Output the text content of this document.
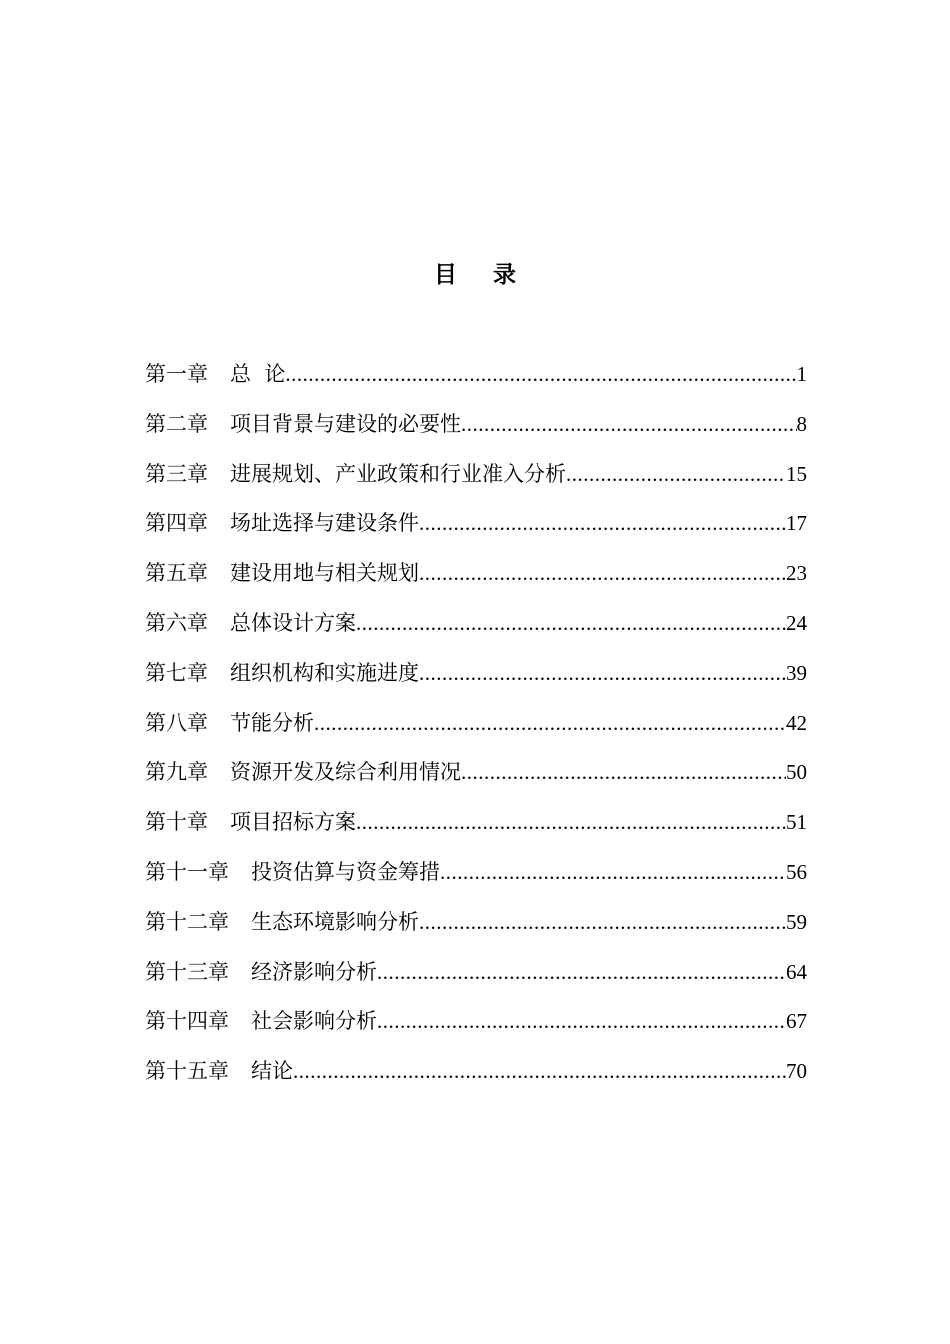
目 录
第一章 总  论 .....	1
第二章 项目背景与建设的必要性 .....	8
第三章 进展规划、产业政策和行业准入分析 .....	15
第四章 场址选择与建设条件 .....	17
第五章 建设用地与相关规划 .....	23
第六章 总体设计方案 .....	24
第七章 组织机构和实施进度 .....	39
第八章 节能分析 .....	42
第九章 资源开发及综合利用情况 .....	50
第十章 项目招标方案 .....	51
第十一章 投资估算与资金筹措 .....	56
第十二章 生态环境影响分析 .....	59
第十三章 经济影响分析 .....	64
第十四章 社会影响分析 .....	67
第十五章 结论 .....	70
